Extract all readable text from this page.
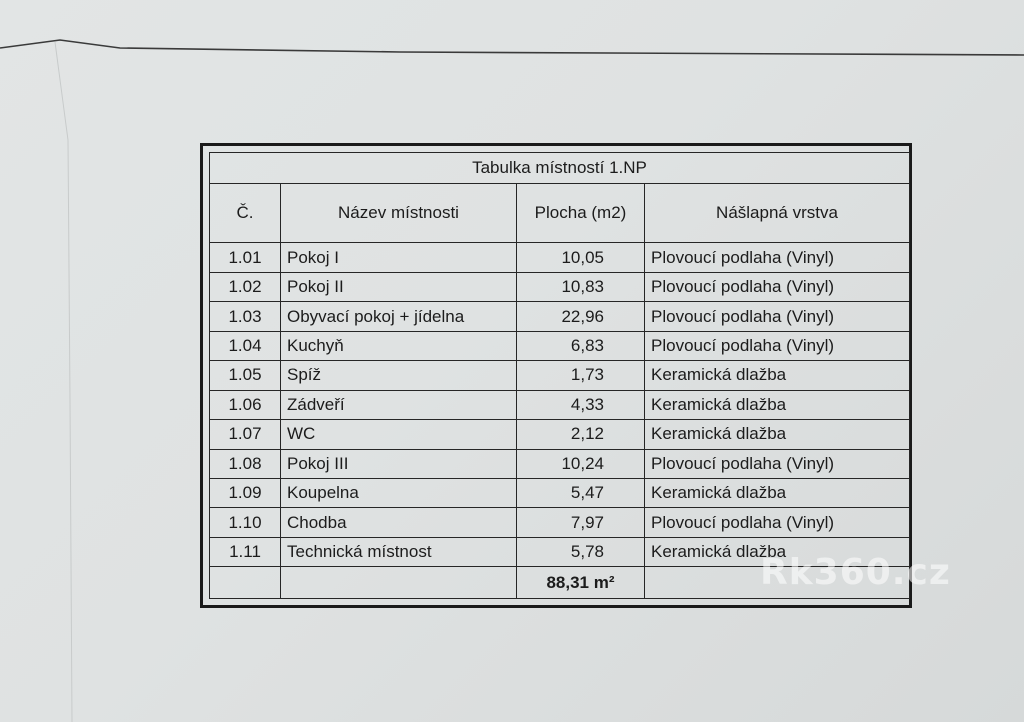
Tabulka místností 1.NP			
Č.	Název místnosti	Plocha (m2)	Nášlapná vrstva
1.01	Pokoj I	10,05	Plovoucí podlaha (Vinyl)
1.02	Pokoj II	10,83	Plovoucí podlaha (Vinyl)
1.03	Obyvací pokoj + jídelna	22,96	Plovoucí podlaha (Vinyl)
1.04	Kuchyň	6,83	Plovoucí podlaha (Vinyl)
1.05	Spíž	1,73	Keramická dlažba
1.06	Zádveří	4,33	Keramická dlažba
1.07	WC	2,12	Keramická dlažba
1.08	Pokoj III	10,24	Plovoucí podlaha (Vinyl)
1.09	Koupelna	5,47	Keramická dlažba
1.10	Chodba	7,97	Plovoucí podlaha (Vinyl)
1.11	Technická místnost	5,78	Keramická dlažba
		88,31 m²		Rk360.cz
